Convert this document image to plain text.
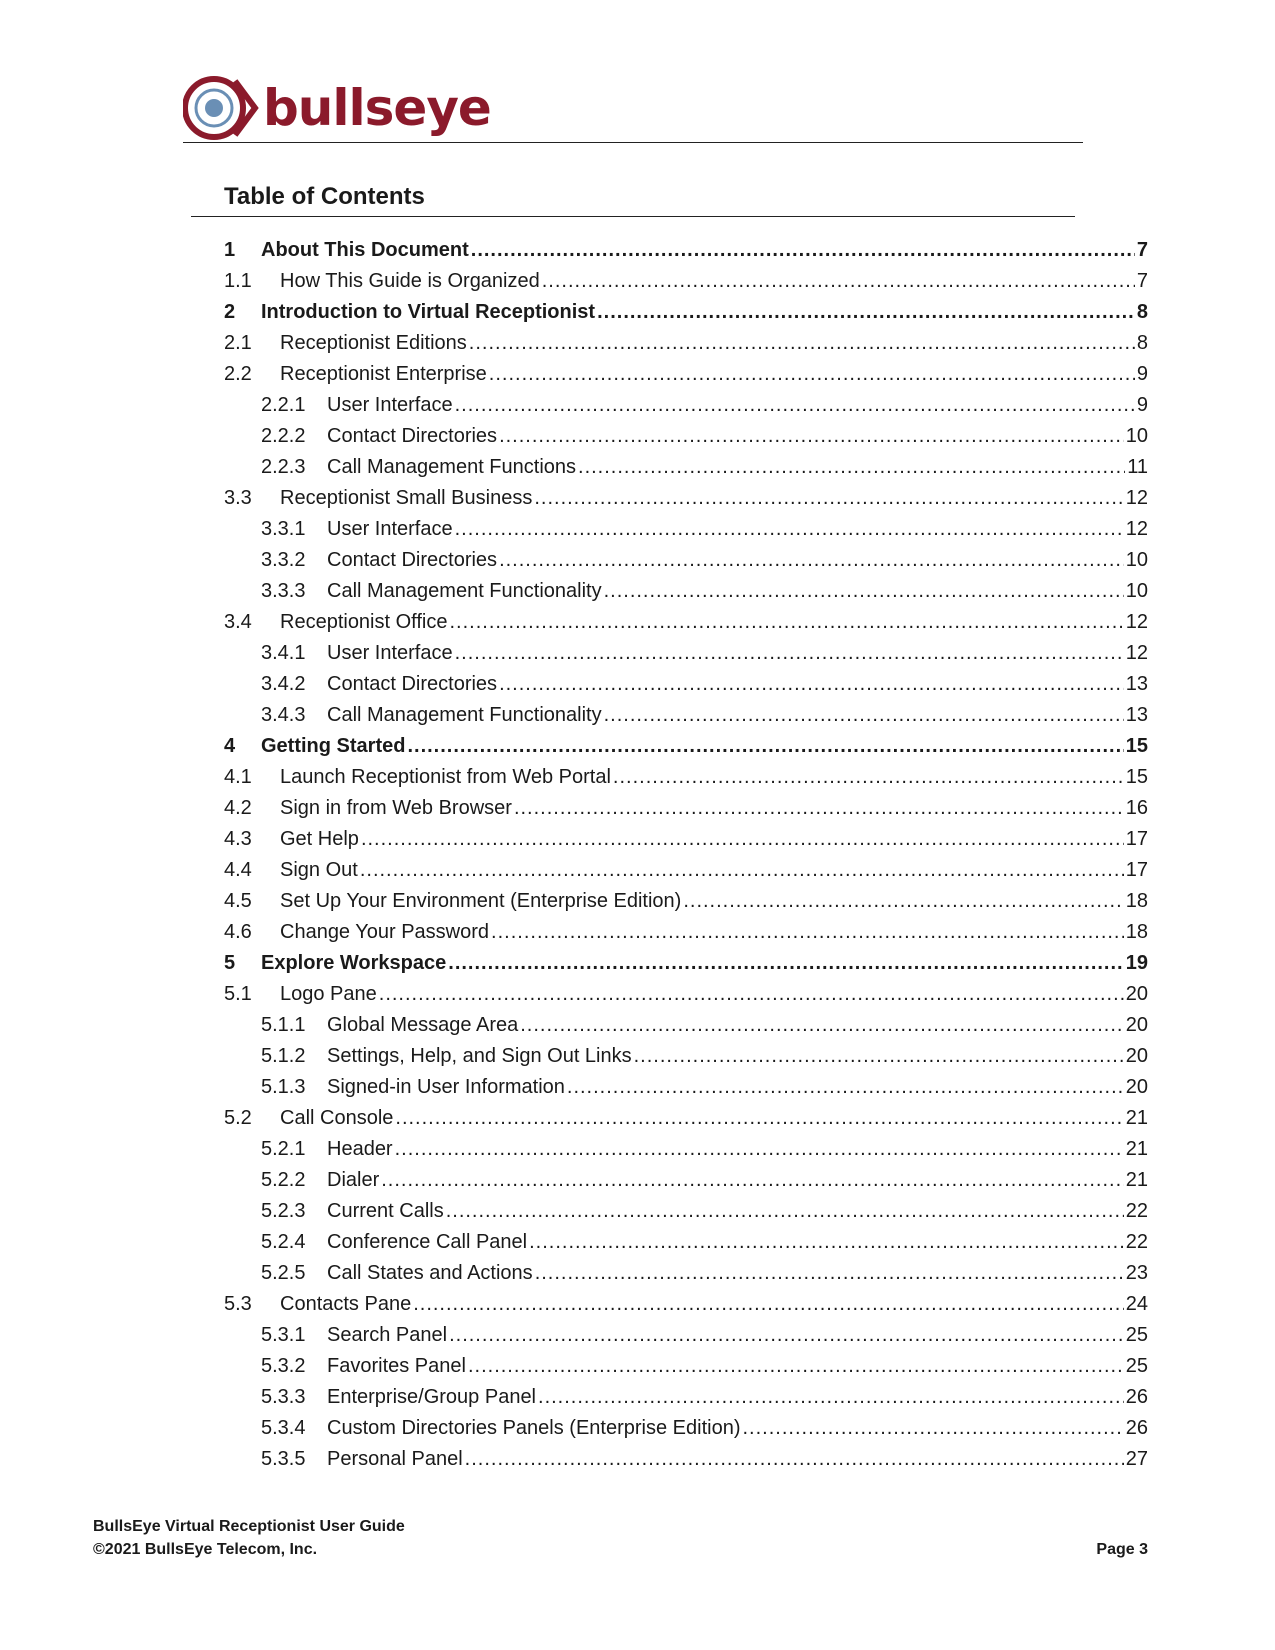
bullseye
Table of Contents
1	About This Document .....	7
1.1	How This Guide is Organized .....	7
2	Introduction to Virtual Receptionist .....	8
2.1	Receptionist Editions .....	8
2.2	Receptionist Enterprise .....	9
2.2.1	User Interface .....	9
2.2.2	Contact Directories .....	10
2.2.3	Call Management Functions .....	11
3.3	Receptionist Small Business .....	12
3.3.1	User Interface .....	12
3.3.2	Contact Directories .....	10
3.3.3	Call Management Functionality .....	10
3.4	Receptionist Office .....	12
3.4.1	User Interface .....	12
3.4.2	Contact Directories .....	13
3.4.3	Call Management Functionality .....	13
4	Getting Started .....	15
4.1	Launch Receptionist from Web Portal .....	15
4.2	Sign in from Web Browser .....	16
4.3	Get Help .....	17
4.4	Sign Out .....	17
4.5	Set Up Your Environment (Enterprise Edition) .....	18
4.6	Change Your Password .....	18
5	Explore Workspace .....	19
5.1	Logo Pane .....	20
5.1.1	Global Message Area .....	20
5.1.2	Settings, Help, and Sign Out Links .....	20
5.1.3	Signed-in User Information .....	20
5.2	Call Console .....	21
5.2.1	Header .....	21
5.2.2	Dialer .....	21
5.2.3	Current Calls .....	22
5.2.4	Conference Call Panel .....	22
5.2.5	Call States and Actions .....	23
5.3	Contacts Pane .....	24
5.3.1	Search Panel .....	25
5.3.2	Favorites Panel .....	25
5.3.3	Enterprise/Group Panel .....	26
5.3.4	Custom Directories Panels (Enterprise Edition) .....	26
5.3.5	Personal Panel .....	27
BullsEye Virtual Receptionist User Guide
©2021 BullsEye Telecom, Inc.	Page 3
